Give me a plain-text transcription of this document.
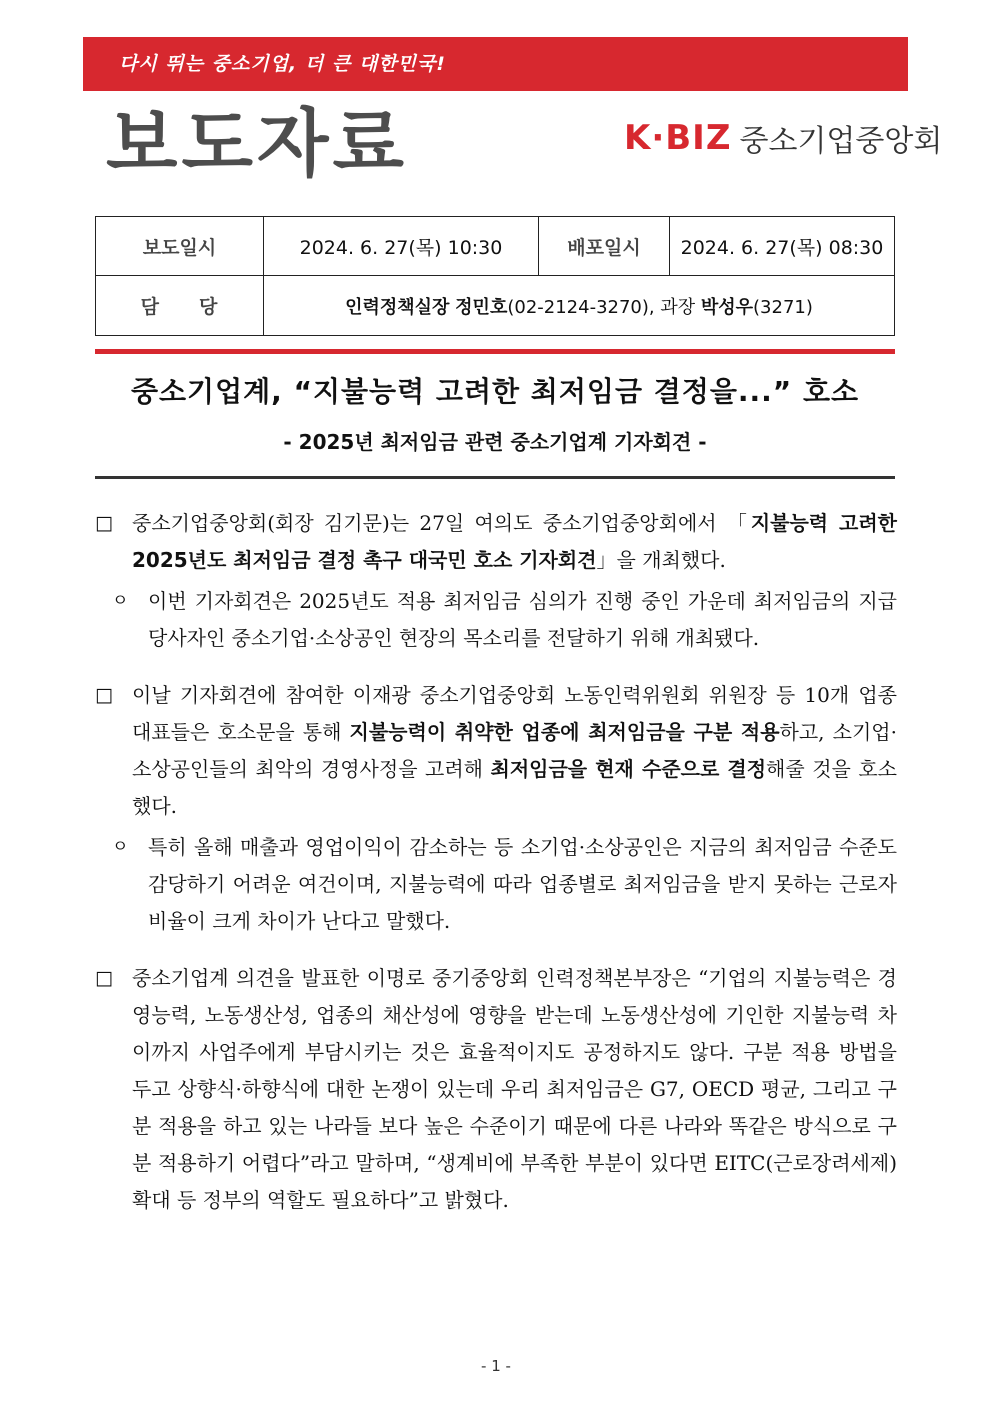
다시 뛰는 중소기업, 더 큰 대한민국!
보도자료	K·BIZ 중소기업중앙회
보도일시	2024. 6. 27(목) 10:30	배포일시	2024. 6. 27(목) 08:30
담당	인력정책실장 정민호(02-2124-3270), 과장 박성우(3271)		
중소기업계, “지불능력 고려한 최저임금 결정을...” 호소
- 2025년 최저임금 관련 중소기업계 기자회견 -
□ 중소기업중앙회(회장 김기문)는 27일 여의도 중소기업중앙회에서 「지불능력 고려한 2025년도 최저임금 결정 촉구 대국민 호소 기자회견」을 개최했다.
ㅇ 이번 기자회견은 2025년도 적용 최저임금 심의가 진행 중인 가운데 최저임금의 지급 당사자인 중소기업·소상공인 현장의 목소리를 전달하기 위해 개최됐다.
□ 이날 기자회견에 참여한 이재광 중소기업중앙회 노동인력위원회 위원장 등 10개 업종 대표들은 호소문을 통해 지불능력이 취약한 업종에 최저임금을 구분 적용하고, 소기업·소상공인들의 최악의 경영사정을 고려해 최저임금을 현재 수준으로 결정해줄 것을 호소했다.
ㅇ 특히 올해 매출과 영업이익이 감소하는 등 소기업·소상공인은 지금의 최저임금 수준도 감당하기 어려운 여건이며, 지불능력에 따라 업종별로 최저임금을 받지 못하는 근로자 비율이 크게 차이가 난다고 말했다.
□ 중소기업계 의견을 발표한 이명로 중기중앙회 인력정책본부장은 “기업의 지불능력은 경영능력, 노동생산성, 업종의 채산성에 영향을 받는데 노동생산성에 기인한 지불능력 차이까지 사업주에게 부담시키는 것은 효율적이지도 공정하지도 않다. 구분 적용 방법을 두고 상향식·하향식에 대한 논쟁이 있는데 우리 최저임금은 G7, OECD 평균, 그리고 구분 적용을 하고 있는 나라들 보다 높은 수준이기 때문에 다른 나라와 똑같은 방식으로 구분 적용하기 어렵다”라고 말하며, “생계비에 부족한 부분이 있다면 EITC(근로장려세제) 확대 등 정부의 역할도 필요하다”고 밝혔다.
- 1 -
